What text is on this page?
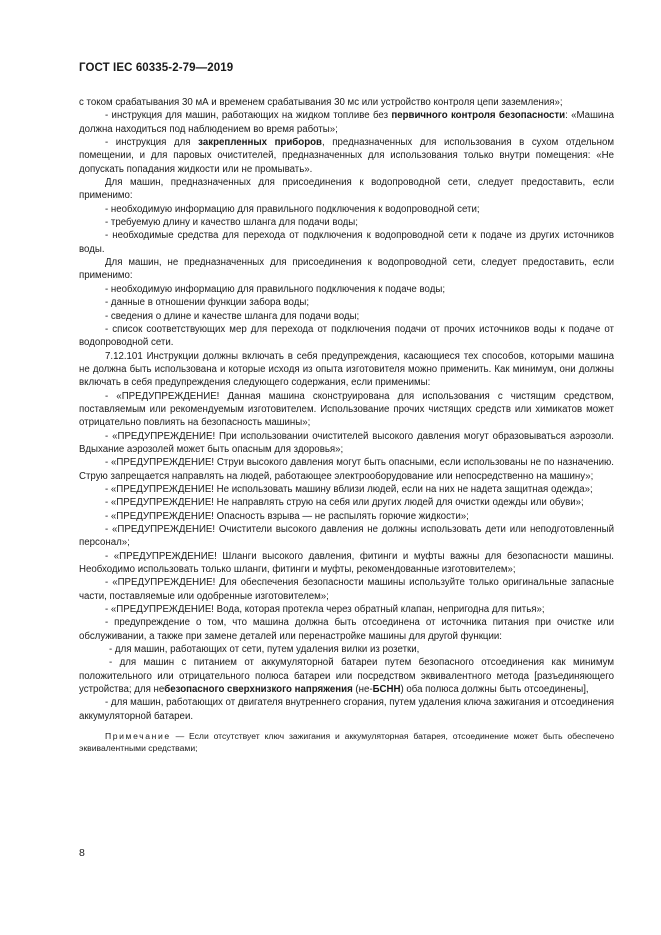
ГОСТ IEC 60335-2-79—2019

с током срабатывания 30 мА и временем срабатывания 30 мс или устройство контроля цепи заземления»;

- инструкция для машин, работающих на жидком топливе без первичного контроля безопасности: «Машина должна находиться под наблюдением во время работы»;

- инструкция для закрепленных приборов, предназначенных для использования в сухом отдельном помещении, и для паровых очистителей, предназначенных для использования только внутри помещения: «Не допускать попадания жидкости или не промывать».

Для машин, предназначенных для присоединения к водопроводной сети, следует предоставить, если применимо:

- необходимую информацию для правильного подключения к водопроводной сети;

- требуемую длину и качество шланга для подачи воды;

- необходимые средства для перехода от подключения к водопроводной сети к подаче из других источников воды.

Для машин, не предназначенных для присоединения к водопроводной сети, следует предоставить, если применимо:

- необходимую информацию для правильного подключения к подаче воды;

- данные в отношении функции забора воды;

- сведения о длине и качестве шланга для подачи воды;

- список соответствующих мер для перехода от подключения подачи от прочих источников воды к подаче от водопроводной сети.

7.12.101 Инструкции должны включать в себя предупреждения, касающиеся тех способов, которыми машина не должна быть использована и которые исходя из опыта изготовителя можно применить. Как минимум, они должны включать в себя предупреждения следующего содержания, если применимы:

- «ПРЕДУПРЕЖДЕНИЕ! Данная машина сконструирована для использования с чистящим средством, поставляемым или рекомендуемым изготовителем. Использование прочих чистящих средств или химикатов может отрицательно повлиять на безопасность машины»;

- «ПРЕДУПРЕЖДЕНИЕ! При использовании очистителей высокого давления могут образовываться аэрозоли. Вдыхание аэрозолей может быть опасным для здоровья»;

- «ПРЕДУПРЕЖДЕНИЕ! Струи высокого давления могут быть опасными, если использованы не по назначению. Струю запрещается направлять на людей, работающее электрооборудование или непосредственно на машину»;

- «ПРЕДУПРЕЖДЕНИЕ! Не использовать машину вблизи людей, если на них не надета защитная одежда»;

- «ПРЕДУПРЕЖДЕНИЕ! Не направлять струю на себя или других людей для очистки одежды или обуви»;

- «ПРЕДУПРЕЖДЕНИЕ! Опасность взрыва — не распылять горючие жидкости»;

- «ПРЕДУПРЕЖДЕНИЕ! Очистители высокого давления не должны использовать дети или неподготовленный персонал»;

- «ПРЕДУПРЕЖДЕНИЕ! Шланги высокого давления, фитинги и муфты важны для безопасности машины. Необходимо использовать только шланги, фитинги и муфты, рекомендованные изготовителем»;

- «ПРЕДУПРЕЖДЕНИЕ! Для обеспечения безопасности машины используйте только оригинальные запасные части, поставляемые или одобренные изготовителем»;

- «ПРЕДУПРЕЖДЕНИЕ! Вода, которая протекла через обратный клапан, непригодна для питья»;

- предупреждение о том, что машина должна быть отсоединена от источника питания при очистке или обслуживании, а также при замене деталей или перенастройке машины для другой функции:

- для машин, работающих от сети, путем удаления вилки из розетки,

- для машин с питанием от аккумуляторной батареи путем безопасного отсоединения как минимум положительного или отрицательного полюса батареи или посредством эквивалентного метода [разъединяющего устройства; для небезопасного сверхнизкого напряжения (не-БСНН) оба полюса должны быть отсоединены],

- для машин, работающих от двигателя внутреннего сгорания, путем удаления ключа зажигания и отсоединения аккумуляторной батареи.

Примечание — Если отсутствует ключ зажигания и аккумуляторная батарея, отсоединение может быть обеспечено эквивалентными средствами;

8
